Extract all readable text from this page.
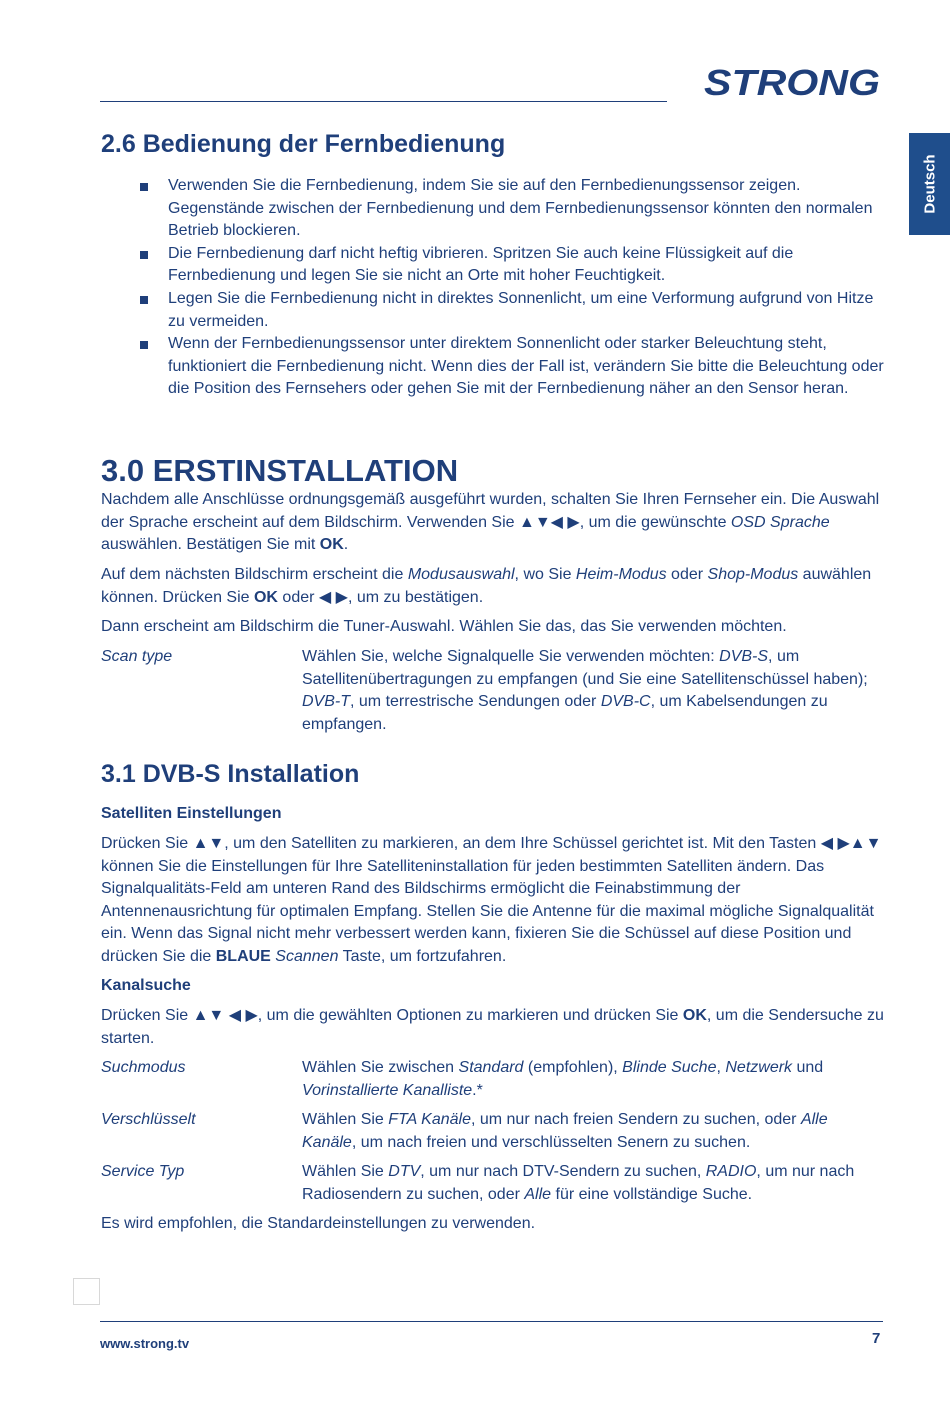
STRONG
Deutsch
2.6 Bedienung der Fernbedienung
Verwenden Sie die Fernbedienung, indem Sie sie auf den Fernbedienungssensor zeigen. Gegenstände zwischen der Fernbedienung und dem Fernbedienungssensor könnten den normalen Betrieb blockieren.
Die Fernbedienung darf nicht heftig vibrieren. Spritzen Sie auch keine Flüssigkeit auf die Fernbedienung und legen Sie sie nicht an Orte mit hoher Feuchtigkeit.
Legen Sie die Fernbedienung nicht in direktes Sonnenlicht, um eine Verformung aufgrund von Hitze zu vermeiden.
Wenn der Fernbedienungssensor unter direktem Sonnenlicht oder starker Beleuchtung steht, funktioniert die Fernbedienung nicht. Wenn dies der Fall ist, verändern Sie bitte die Beleuchtung oder die Position des Fernsehers oder gehen Sie mit der Fernbedienung näher an den Sensor heran.
3.0 ERSTINSTALLATION

Nachdem alle Anschlüsse ordnungsgemäß ausgeführt wurden, schalten Sie Ihren Fernseher ein. Die Auswahl der Sprache erscheint auf dem Bildschirm. Verwenden Sie ▲▼◀ ▶, um die gewünschte OSD Sprache auswählen. Bestätigen Sie mit OK.

Auf dem nächsten Bildschirm erscheint die Modusauswahl, wo Sie Heim-Modus oder Shop-Modus auwählen können. Drücken Sie OK oder ◀ ▶, um zu bestätigen.

Dann erscheint am Bildschirm die Tuner-Auswahl. Wählen Sie das, das Sie verwenden möchten.

Scan type	Wählen Sie, welche Signalquelle Sie verwenden möchten: DVB-S, um Satellitenübertragungen zu empfangen (und Sie eine Satellitenschüssel haben); DVB-T, um terrestrische Sendungen oder DVB-C, um Kabelsendungen zu empfangen.
3.1 DVB-S Installation
Satelliten Einstellungen

Drücken Sie ▲▼, um den Satelliten zu markieren, an dem Ihre Schüssel gerichtet ist. Mit den Tasten ◀ ▶▲▼ können Sie die Einstellungen für Ihre Satelliteninstallation für jeden bestimmten Satelliten ändern. Das Signalqualitäts-Feld am unteren Rand des Bildschirms ermöglicht die Feinabstimmung der Antennenausrichtung für optimalen Empfang. Stellen Sie die Antenne für die maximal mögliche Signalqualität ein. Wenn das Signal nicht mehr verbessert werden kann, fixieren Sie die Schüssel auf diese Position und drücken Sie die BLAUE Scannen Taste, um fortzufahren.

Kanalsuche

Drücken Sie ▲▼ ◀ ▶, um die gewählten Optionen zu markieren und drücken Sie OK, um die Sendersuche zu starten.

Suchmodus	Wählen Sie zwischen Standard (empfohlen), Blinde Suche, Netzwerk und Vorinstallierte Kanalliste.*
Verschlüsselt	Wählen Sie FTA Kanäle, um nur nach freien Sendern zu suchen, oder Alle Kanäle, um nach freien und verschlüsselten Senern zu suchen.
Service Typ	Wählen Sie DTV, um nur nach DTV-Sendern zu suchen, RADIO, um nur nach Radiosendern zu suchen, oder Alle für eine vollständige Suche.

Es wird empfohlen, die Standardeinstellungen zu verwenden.

www.strong.tv	7
